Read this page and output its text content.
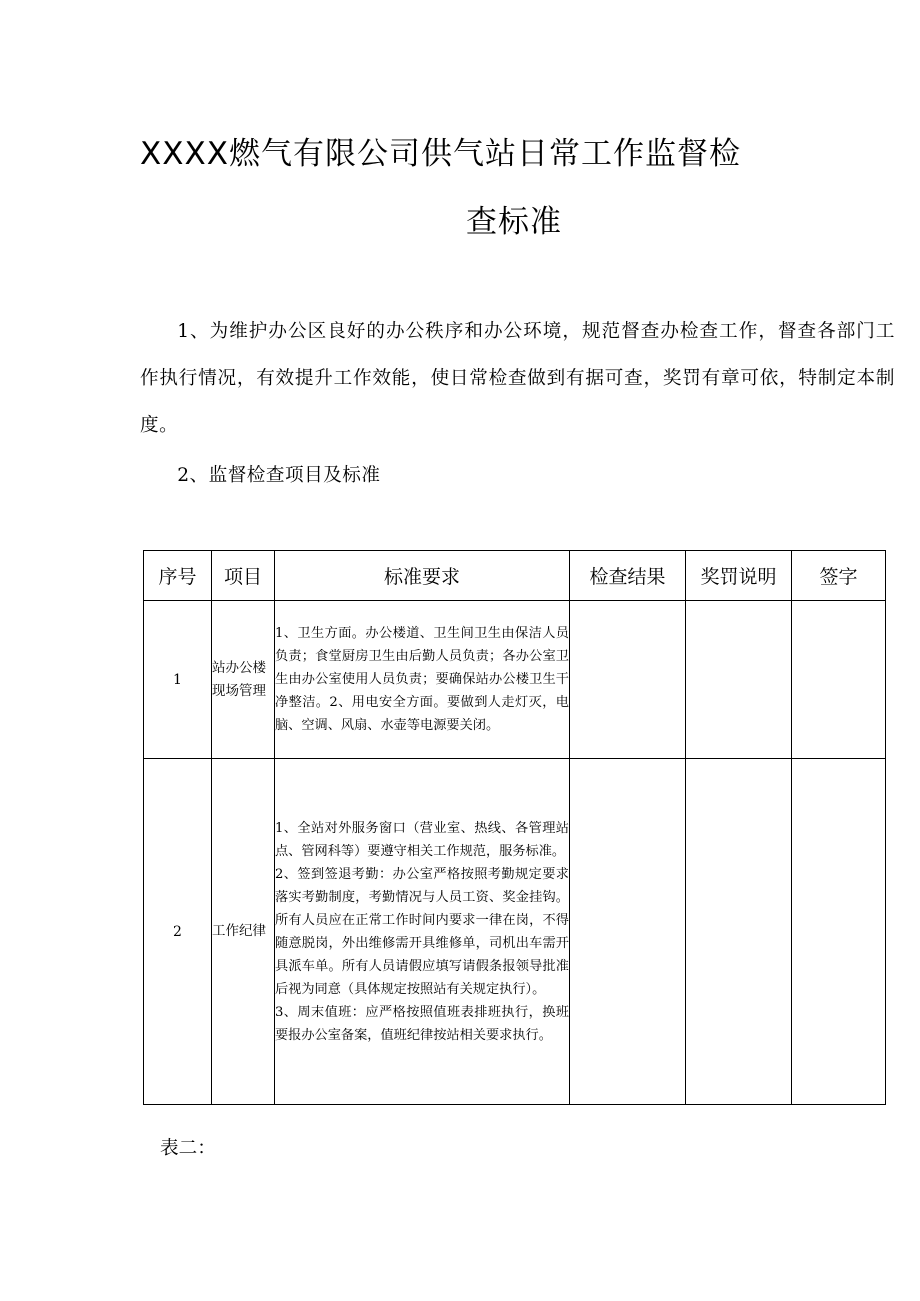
XXXX燃气有限公司供气站日常工作监督检
查标准
1、为维护办公区良好的办公秩序和办公环境，规范督查办检查工作，督查各部门工作执行情况，有效提升工作效能，使日常检查做到有据可查，奖罚有章可依，特制定本制度。
2、监督检查项目及标准
序号	项目	标准要求	检查结果	奖罚说明	签字
1	站办公楼现场管理	1、卫生方面。办公楼道、卫生间卫生由保洁人员负责；食堂厨房卫生由后勤人员负责；各办公室卫生由办公室使用人员负责；要确保站办公楼卫生干净整洁。2、用电安全方面。要做到人走灯灭，电脑、空调、风扇、水壶等电源要关闭。			

2	工作纪律	1、全站对外服务窗口（营业室、热线、各管理站点、管网科等）要遵守相关工作规范，服务标准。
2、签到签退考勤：办公室严格按照考勤规定要求落实考勤制度，考勤情况与人员工资、奖金挂钩。所有人员应在正常工作时间内要求一律在岗，不得随意脱岗，外出维修需开具维修单，司机出车需开具派车单。所有人员请假应填写请假条报领导批准后视为同意（具体规定按照站有关规定执行）。
3、周末值班：应严格按照值班表排班执行，换班要报办公室备案，值班纪律按站相关要求执行。			

表二：
